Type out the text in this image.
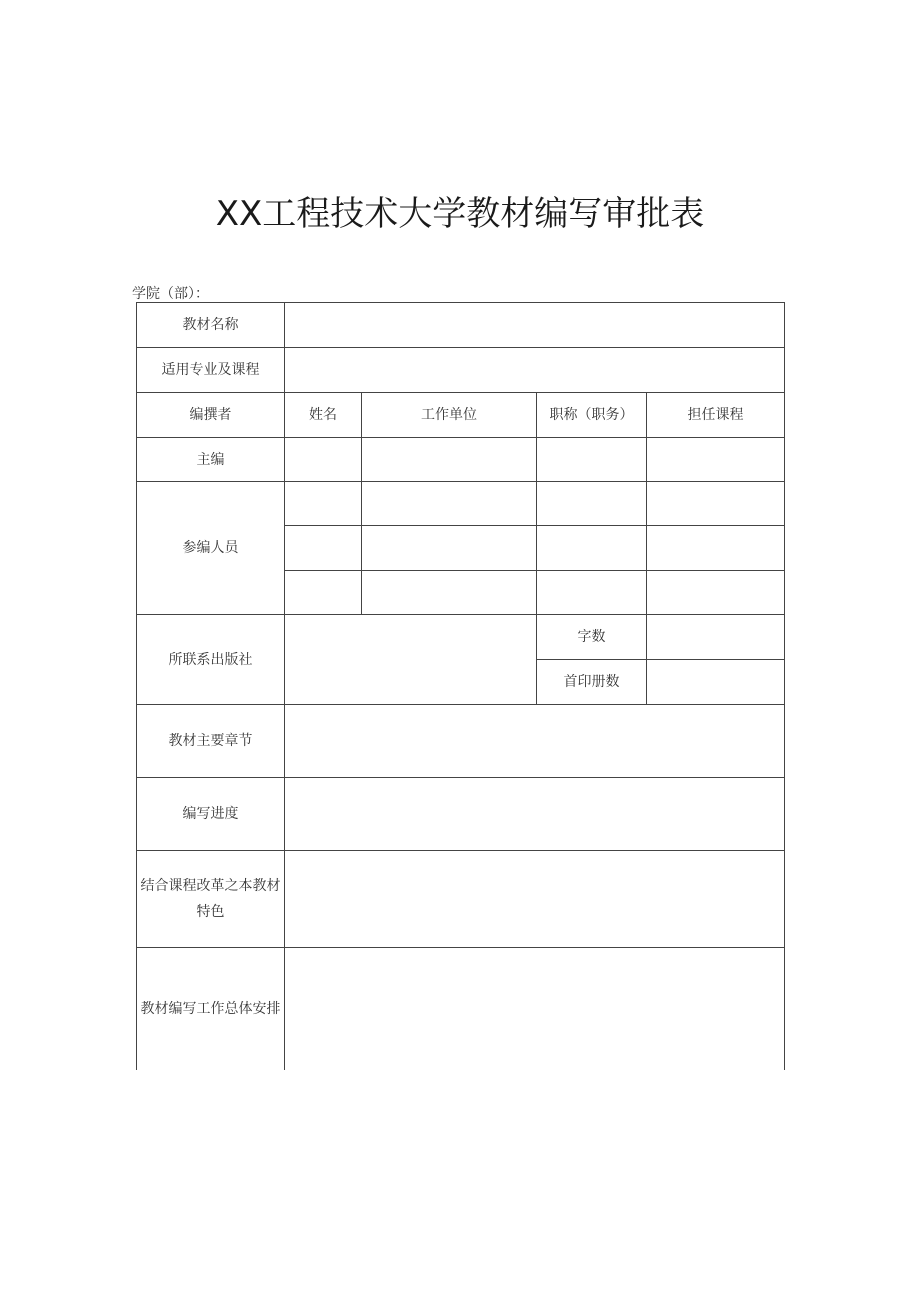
XX工程技术大学教材编写审批表
学院（部）：
教材名称				
适用专业及课程				
编撰者	姓名	工作单位	职称（职务）	担任课程
主编				
参编人员				

所联系出版社			字数	
			首印册数	
教材主要章节				
编写进度				

结合课程改革之本教材特色				

教材编写工作总体安排				
